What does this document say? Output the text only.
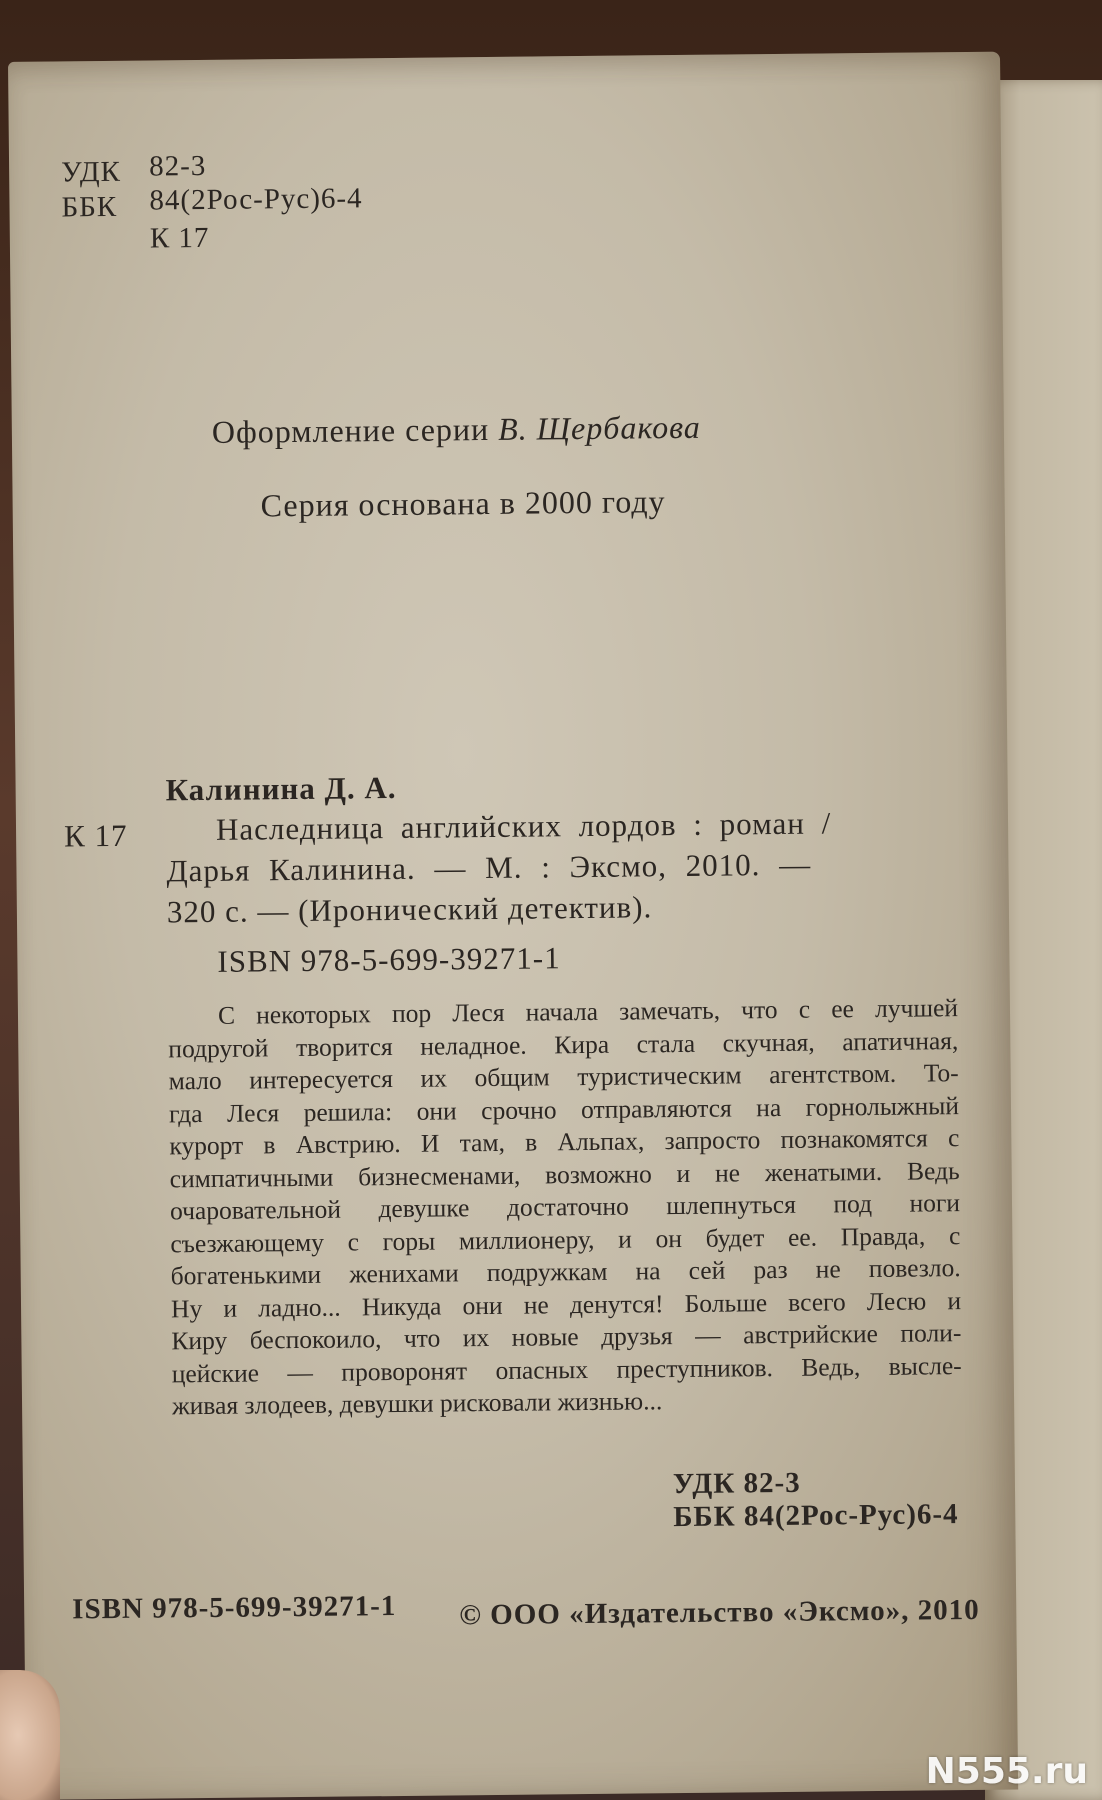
УДК 82-3
ББК 84(2Рос-Рус)6-4
К 17
Оформление серии В. Щербакова
Серия основана в 2000 году
Калинина Д. А.
К 17	Наследница английских лордов : роман /
Дарья Калинина. — М. : Эксмо, 2010. —
320 с. — (Иронический детектив).
ISBN 978-5-699-39271-1
С некоторых пор Леся начала замечать, что с ее лучшей
подругой творится неладное. Кира стала скучная, апатичная,
мало интересуется их общим туристическим агентством. То-
гда Леся решила: они срочно отправляются на горнолыжный
курорт в Австрию. И там, в Альпах, запросто познакомятся с
симпатичными бизнесменами, возможно и не женатыми. Ведь
очаровательной девушке достаточно шлепнуться под ноги
съезжающему с горы миллионеру, и он будет ее. Правда, с
богатенькими женихами подружкам на сей раз не повезло.
Ну и ладно... Никуда они не денутся! Больше всего Лесю и
Киру беспокоило, что их новые друзья — австрийские поли-
цейские — проворонят опасных преступников. Ведь, высле-
живая злодеев, девушки рисковали жизнью...
УДК 82-3
ББК 84(2Рос-Рус)6-4
ISBN 978-5-699-39271-1 © ООО «Издательство «Эксмо», 2010
N555.ru
